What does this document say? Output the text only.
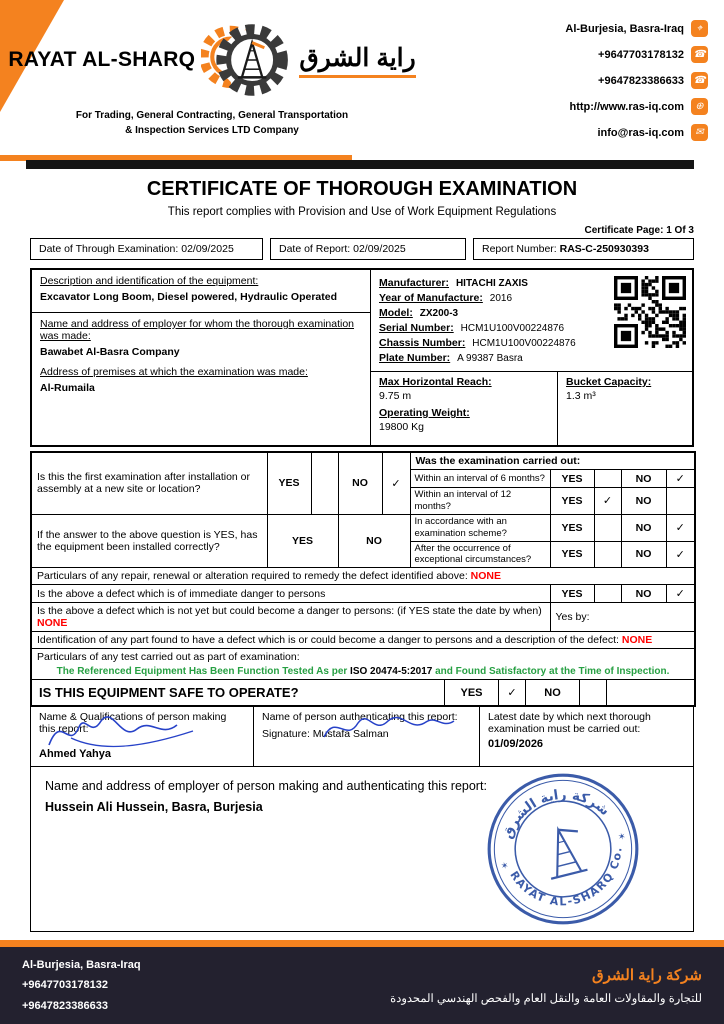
RAYAT AL-SHARQ	راية الشرق
For Trading, General Contracting, General Transportation
& Inspection Services LTD Company
Al-Burjesia, Basra-Iraq ⌖
+9647703178132 ☎
+9647823386633 ☎
http://www.ras-iq.com ⊕
info@ras-iq.com ✉
CERTIFICATE OF THOROUGH EXAMINATION
This report complies with Provision and Use of Work Equipment Regulations
Certificate Page: 1 Of 3
Date of Through Examination: 02/09/2025	Date of Report: 02/09/2025	Report Number: RAS-C-250930393
Description and identification of the equipment:
Excavator Long Boom, Diesel powered, Hydraulic Operated
Name and address of employer for whom the thorough examination was made:
Bawabet Al-Basra Company
Address of premises at which the examination was made:
Al-Rumaila
Manufacturer: HITACHI ZAXIS
Year of Manufacture: 2016
Model: ZX200-3
Serial Number: HCM1U100V00224876
Chassis Number: HCM1U100V00224876
Plate Number: A 99387 Basra
Max Horizontal Reach:
9.75 m
Operating Weight:
19800 Kg
Bucket Capacity:
1.3 m³
Is this the first examination after installation or assembly at a new site or location?	YES		NO	✓	Was the examination carried out:				
					Within an interval of 6 months?	YES		NO	✓
					Within an interval of 12 months?	YES	✓	NO	
If the answer to the above question is YES, has the equipment been installed correctly?	YES		NO		In accordance with an examination scheme?	YES		NO	✓
					After the occurrence of exceptional circumstances?	YES		NO	✓
Particulars of any repair, renewal or alteration required to remedy the defect identified above: NONE									
Is the above a defect which is of immediate danger to persons						YES		NO	✓
Is the above a defect which is not yet but could become a danger to persons: (if YES state the date by when) NONE						Yes by:			
Identification of any part found to have a defect which is or could become a danger to persons and a description of the defect: NONE									

Particulars of any test carried out as part of examination:
The Referenced Equipment Has Been Function Tested As per ISO 20474-5:2017 and Found Satisfactory at the Time of Inspection.									

IS THIS EQUIPMENT SAFE TO OPERATE? YES ✓ NO									
Name & Qualifications of person making this report:
Ahmed Yahya
Name of person authenticating this report:
Signature: Mustafa Salman
Latest date by which next thorough examination must be carried out:
01/09/2026
Name and address of employer of person making and authenticating this report:
Hussein Ali Hussein, Basra, Burjesia
شركة راية الشرق
RAYAT AL-SHARQ Co.
✶
✶
Al-Burjesia, Basra-Iraq
+9647703178132
+9647823386633
شركة راية الشرق
للتجارة والمقاولات العامة والنقل العام والفحص الهندسي المحدودة
